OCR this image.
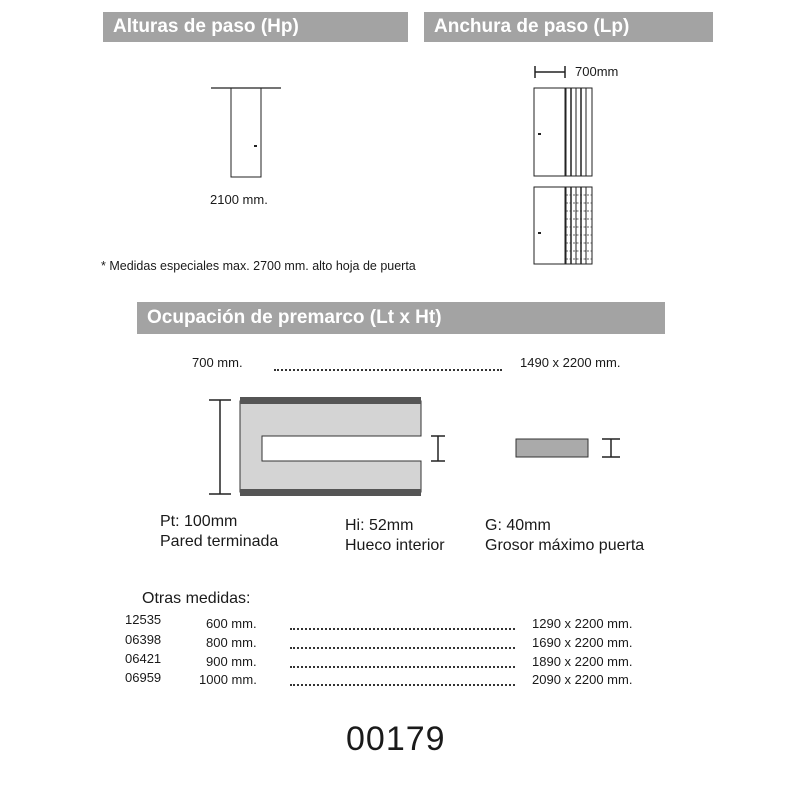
Alturas de paso (Hp)	Anchura de paso (Lp)
Ocupación de premarco (Lt x Ht)
2100 mm.
* Medidas especiales max. 2700 mm. alto hoja de puerta
700mm
700 mm.	1490 x 2200 mm.
Pt: 100mm
Pared terminada
Hi: 52mm
Hueco interior
G: 40mm
Grosor máximo puerta
Otras medidas:
12535	600 mm.	1290 x 2200 mm.
06398	800 mm.	1690 x 2200 mm.
06421	900 mm.	1890 x 2200 mm.
06959	1000 mm.	2090 x 2200 mm.
00179
